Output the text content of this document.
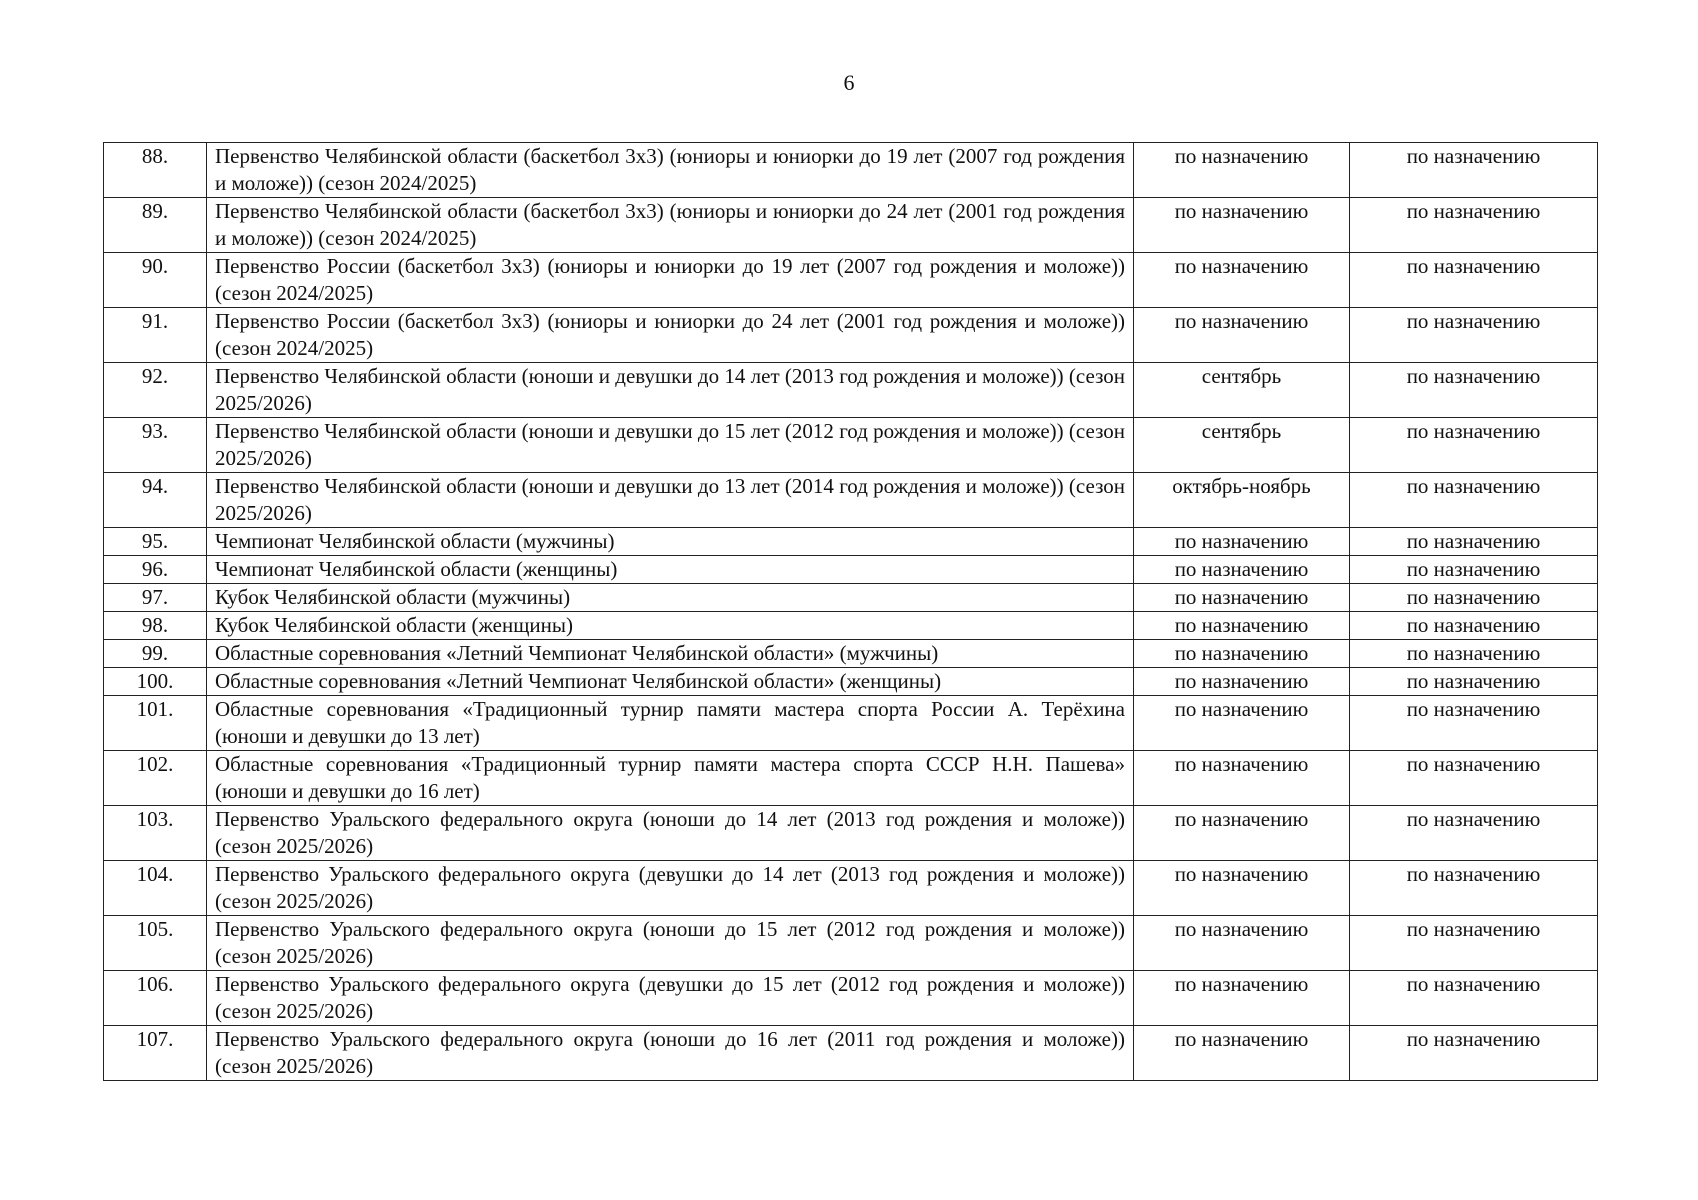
6
88.	Первенство Челябинской области (баскетбол 3х3) (юниоры и юниорки до 19 лет (2007 год рождения и моложе)) (сезон 2024/2025)	по назначению	по назначению
89.	Первенство Челябинской области (баскетбол 3х3) (юниоры и юниорки до 24 лет (2001 год рождения и моложе)) (сезон 2024/2025)	по назначению	по назначению
90.	Первенство России (баскетбол 3х3) (юниоры и юниорки до 19 лет (2007 год рождения и моложе)) (сезон 2024/2025)	по назначению	по назначению
91.	Первенство России (баскетбол 3х3) (юниоры и юниорки до 24 лет (2001 год рождения и моложе)) (сезон 2024/2025)	по назначению	по назначению
92.	Первенство Челябинской области (юноши и девушки до 14 лет (2013 год рождения и моложе)) (сезон 2025/2026)	сентябрь	по назначению
93.	Первенство Челябинской области (юноши и девушки до 15 лет (2012 год рождения и моложе)) (сезон 2025/2026)	сентябрь	по назначению
94.	Первенство Челябинской области (юноши и девушки до 13 лет (2014 год рождения и моложе)) (сезон 2025/2026)	октябрь-ноябрь	по назначению
95.	Чемпионат Челябинской области (мужчины)	по назначению	по назначению
96.	Чемпионат Челябинской области (женщины)	по назначению	по назначению
97.	Кубок Челябинской области (мужчины)	по назначению	по назначению
98.	Кубок Челябинской области (женщины)	по назначению	по назначению
99.	Областные соревнования «Летний Чемпионат Челябинской области» (мужчины)	по назначению	по назначению
100.	Областные соревнования «Летний Чемпионат Челябинской области» (женщины)	по назначению	по назначению
101.	Областные соревнования «Традиционный турнир памяти мастера спорта России А. Терёхина (юноши и девушки до 13 лет)	по назначению	по назначению
102.	Областные соревнования «Традиционный турнир памяти мастера спорта СССР Н.Н. Пашева» (юноши и девушки до 16 лет)	по назначению	по назначению
103.	Первенство Уральского федерального округа (юноши до 14 лет (2013 год рождения и моложе)) (сезон 2025/2026)	по назначению	по назначению
104.	Первенство Уральского федерального округа (девушки до 14 лет (2013 год рождения и моложе)) (сезон 2025/2026)	по назначению	по назначению
105.	Первенство Уральского федерального округа (юноши до 15 лет (2012 год рождения и моложе)) (сезон 2025/2026)	по назначению	по назначению
106.	Первенство Уральского федерального округа (девушки до 15 лет (2012 год рождения и моложе)) (сезон 2025/2026)	по назначению	по назначению
107.	Первенство Уральского федерального округа (юноши до 16 лет (2011 год рождения и моложе)) (сезон 2025/2026)	по назначению	по назначению
